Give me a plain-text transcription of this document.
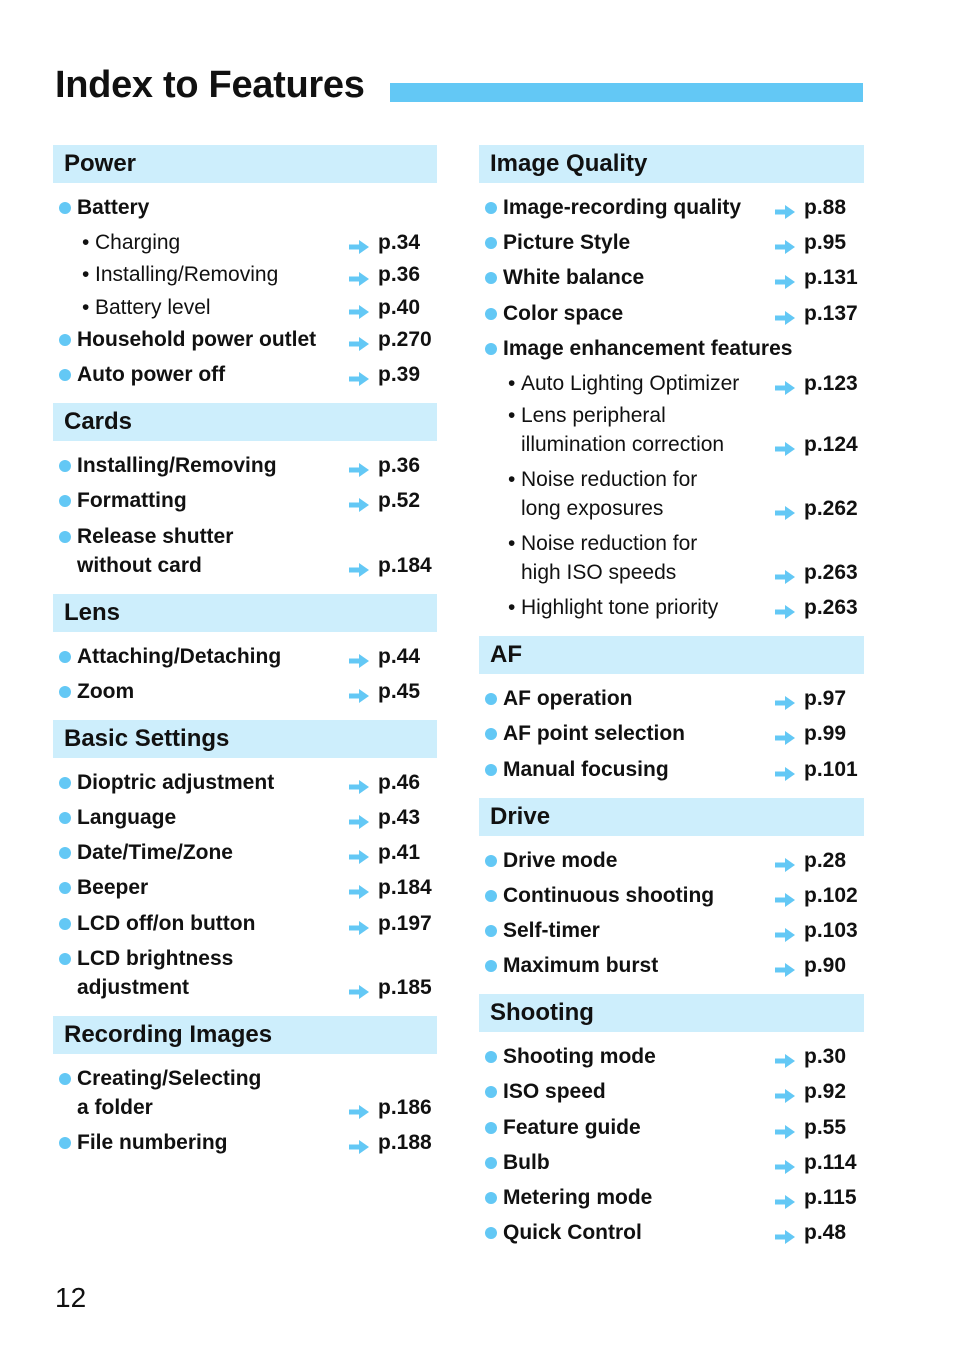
Index to Features
Power
Battery
• Charging	p.34
• Installing/Removing	p.36
• Battery level	p.40
Household power outlet	p.270
Auto power off	p.39
Cards
Installing/Removing	p.36
Formatting	p.52
Release shutter
without card	p.184
Lens
Attaching/Detaching	p.44
Zoom	p.45
Basic Settings
Dioptric adjustment	p.46
Language	p.43
Date/Time/Zone	p.41
Beeper	p.184
LCD off/on button	p.197
LCD brightness
adjustment	p.185
Recording Images
Creating/Selecting
a folder	p.186
File numbering	p.188
Image Quality
Image-recording quality	p.88
Picture Style	p.95
White balance	p.131
Color space	p.137
Image enhancement features
• Auto Lighting Optimizer	p.123
• Lens peripheral
illumination correction	p.124
• Noise reduction for
long exposures	p.262
• Noise reduction for
high ISO speeds	p.263
• Highlight tone priority	p.263
AF
AF operation	p.97
AF point selection	p.99
Manual focusing	p.101
Drive
Drive mode	p.28
Continuous shooting	p.102
Self-timer	p.103
Maximum burst	p.90
Shooting
Shooting mode	p.30
ISO speed	p.92
Feature guide	p.55
Bulb	p.114
Metering mode	p.115
Quick Control	p.48
12
